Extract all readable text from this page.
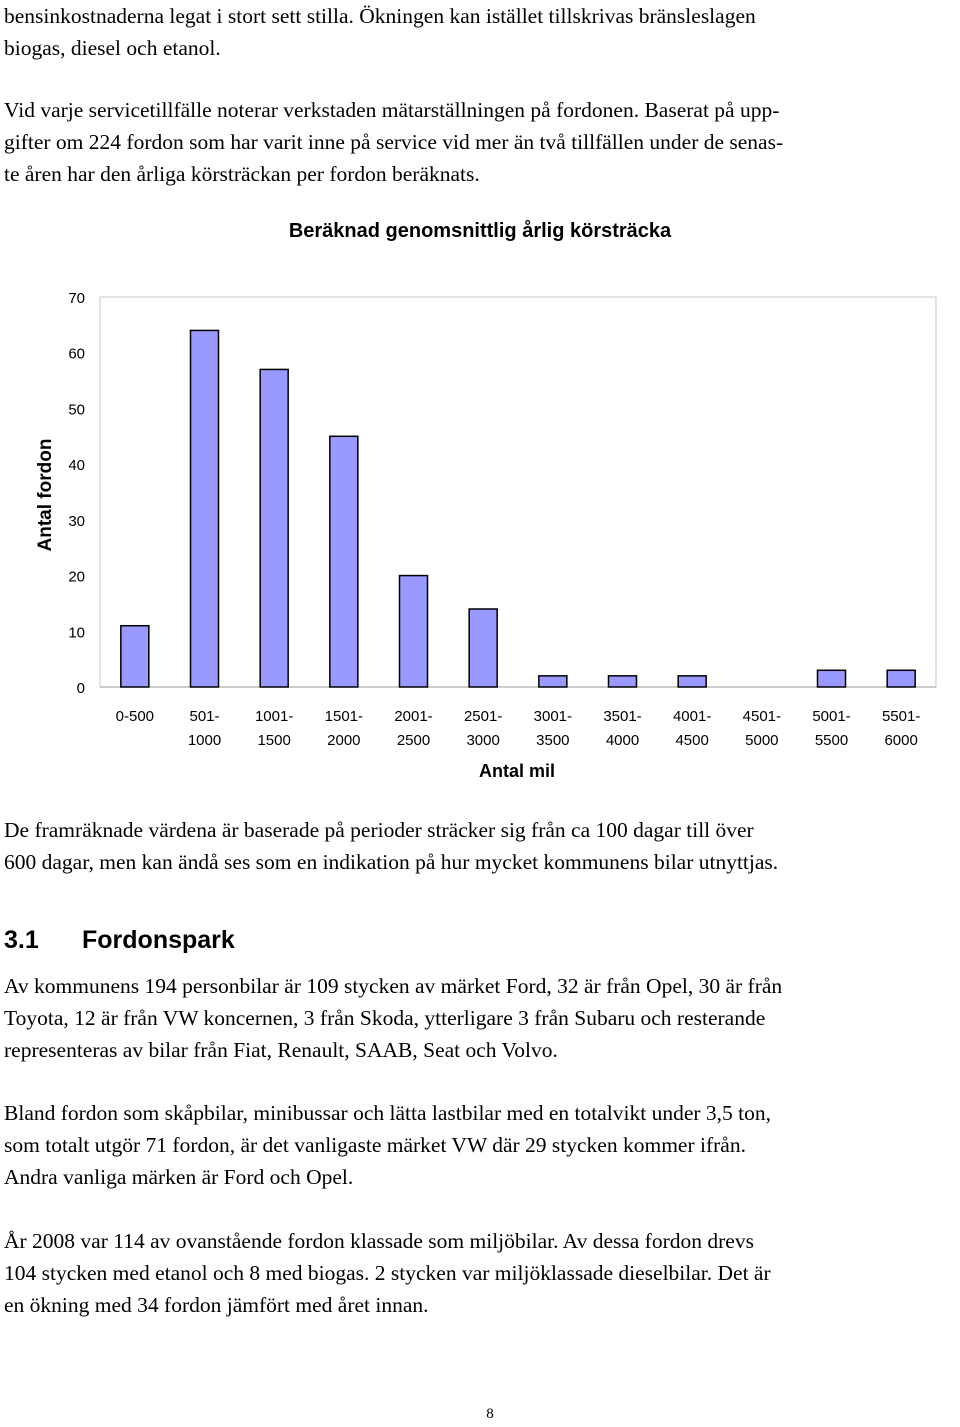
bensinkostnaderna legat i stort sett stilla. Ökningen kan istället tillskrivas bränsleslagen
biogas, diesel och etanol.
Vid varje servicetillfälle noterar verkstaden mätarställningen på fordonen. Baserat på upp-
gifter om 224 fordon som har varit inne på service vid mer än två tillfällen under de senas-
te åren har den årliga körsträckan per fordon beräknats.
Beräknad genomsnittlig årlig körsträcka
Antal fordon
Antal mil
0
10
20
30
40
50
60
70
0-500 501-
1000
1001-
1500
1501-
2000
2001-
2500
2501-
3000
3001-
3500
3501-
4000
4001-
4500
4501-
5000
5001-
5500
5501-
6000
De framräknade värdena är baserade på perioder sträcker sig från ca 100 dagar till över
600 dagar, men kan ändå ses som en indikation på hur mycket kommunens bilar utnyttjas.
3.1 Fordonspark
Av kommunens 194 personbilar är 109 stycken av märket Ford, 32 är från Opel, 30 är från
Toyota, 12 är från VW koncernen, 3 från Skoda, ytterligare 3 från Subaru och resterande
representeras av bilar från Fiat, Renault, SAAB, Seat och Volvo.
Bland fordon som skåpbilar, minibussar och lätta lastbilar med en totalvikt under 3,5 ton,
som totalt utgör 71 fordon, är det vanligaste märket VW där 29 stycken kommer ifrån.
Andra vanliga märken är Ford och Opel.
År 2008 var 114 av ovanstående fordon klassade som miljöbilar. Av dessa fordon drevs
104 stycken med etanol och 8 med biogas. 2 stycken var miljöklassade dieselbilar. Det är
en ökning med 34 fordon jämfört med året innan.
8
